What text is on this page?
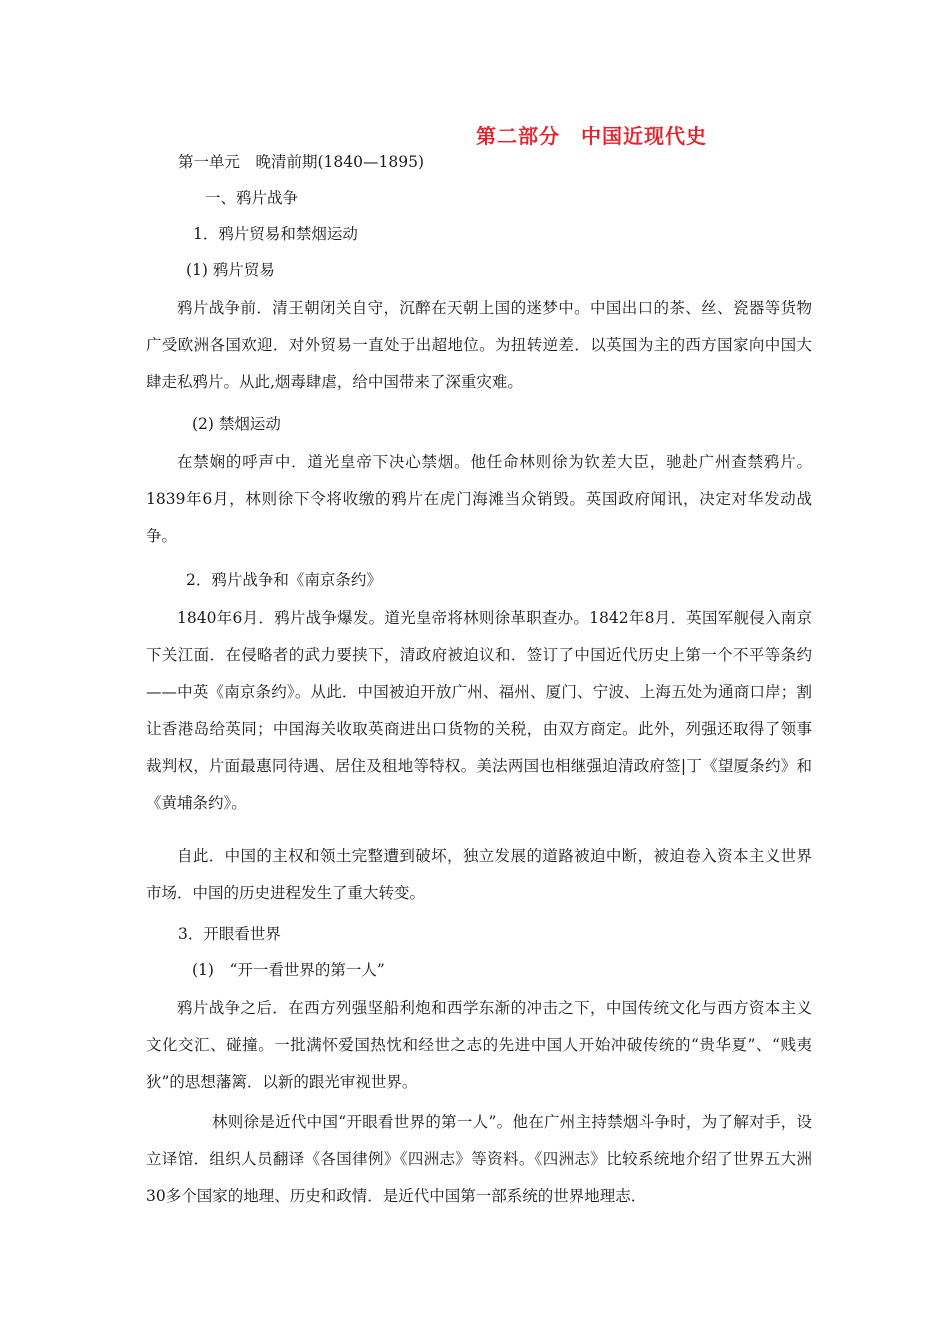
第二部分　中国近现代史
第一单元　晚清前期(1840—1895)
一、鸦片战争
1．鸦片贸易和禁烟运动
(1) 鸦片贸易

鸦片战争前．清王朝闭关自守，沉醉在天朝上国的迷梦中。中国出口的茶、丝、瓷器等货物广受欧洲各国欢迎．对外贸易一直处于出超地位。为扭转逆差．以英国为主的西方国家向中国大肆走私鸦片。从此,烟毒肆虐，给中国带来了深重灾难。

(2) 禁烟运动

在禁娴的呼声中．道光皇帝下决心禁烟。他任命林则徐为钦差大臣，驰赴广州查禁鸦片。1839年6月，林则徐下令将收缴的鸦片在虎门海滩当众销毁。英国政府闻讯，决定对华发动战争。

2．鸦片战争和《南京条约》

1840年6月．鸦片战争爆发。道光皇帝将林则徐革职查办。1842年8月．英国军舰侵入南京下关江面．在侵略者的武力要挟下，清政府被迫议和．签订了中国近代历史上第一个不平等条约——中英《南京条约》。从此．中国被迫开放广州、福州、厦门、宁波、上海五处为通商口岸；割让香港岛给英同；中国海关收取英商进出口货物的关税，由双方商定。此外，列强还取得了领事裁判权，片面最惠同待遇、居住及租地等特权。美法两国也相继强迫清政府签|丁《望厦条约》和《黄埔条约》。

自此．中国的主权和领土完整遭到破坏，独立发展的道路被迫中断，被迫卷入资本主义世界市场．中国的历史进程发生了重大转变。

3．开眼看世界
(1)　“开一看世界的第一人”

鸦片战争之后．在西方列强坚船利炮和西学东渐的冲击之下，中国传统文化与西方资本主义文化交汇、碰撞。一批满怀爱国热忱和经世之志的先进中国人开始冲破传统的“贵华夏”、“贱夷狄”的思想藩篱．以新的跟光审视世界。

林则徐是近代中国“开眼看世界的第一人”。他在广州主持禁烟斗争时，为了解对手，设立译馆．组织人员翻译《各国律例》《四洲志》等资料。《四洲志》比较系统地介绍了世界五大洲30多个国家的地理、历史和政情．是近代中国第一部系统的世界地理志．
